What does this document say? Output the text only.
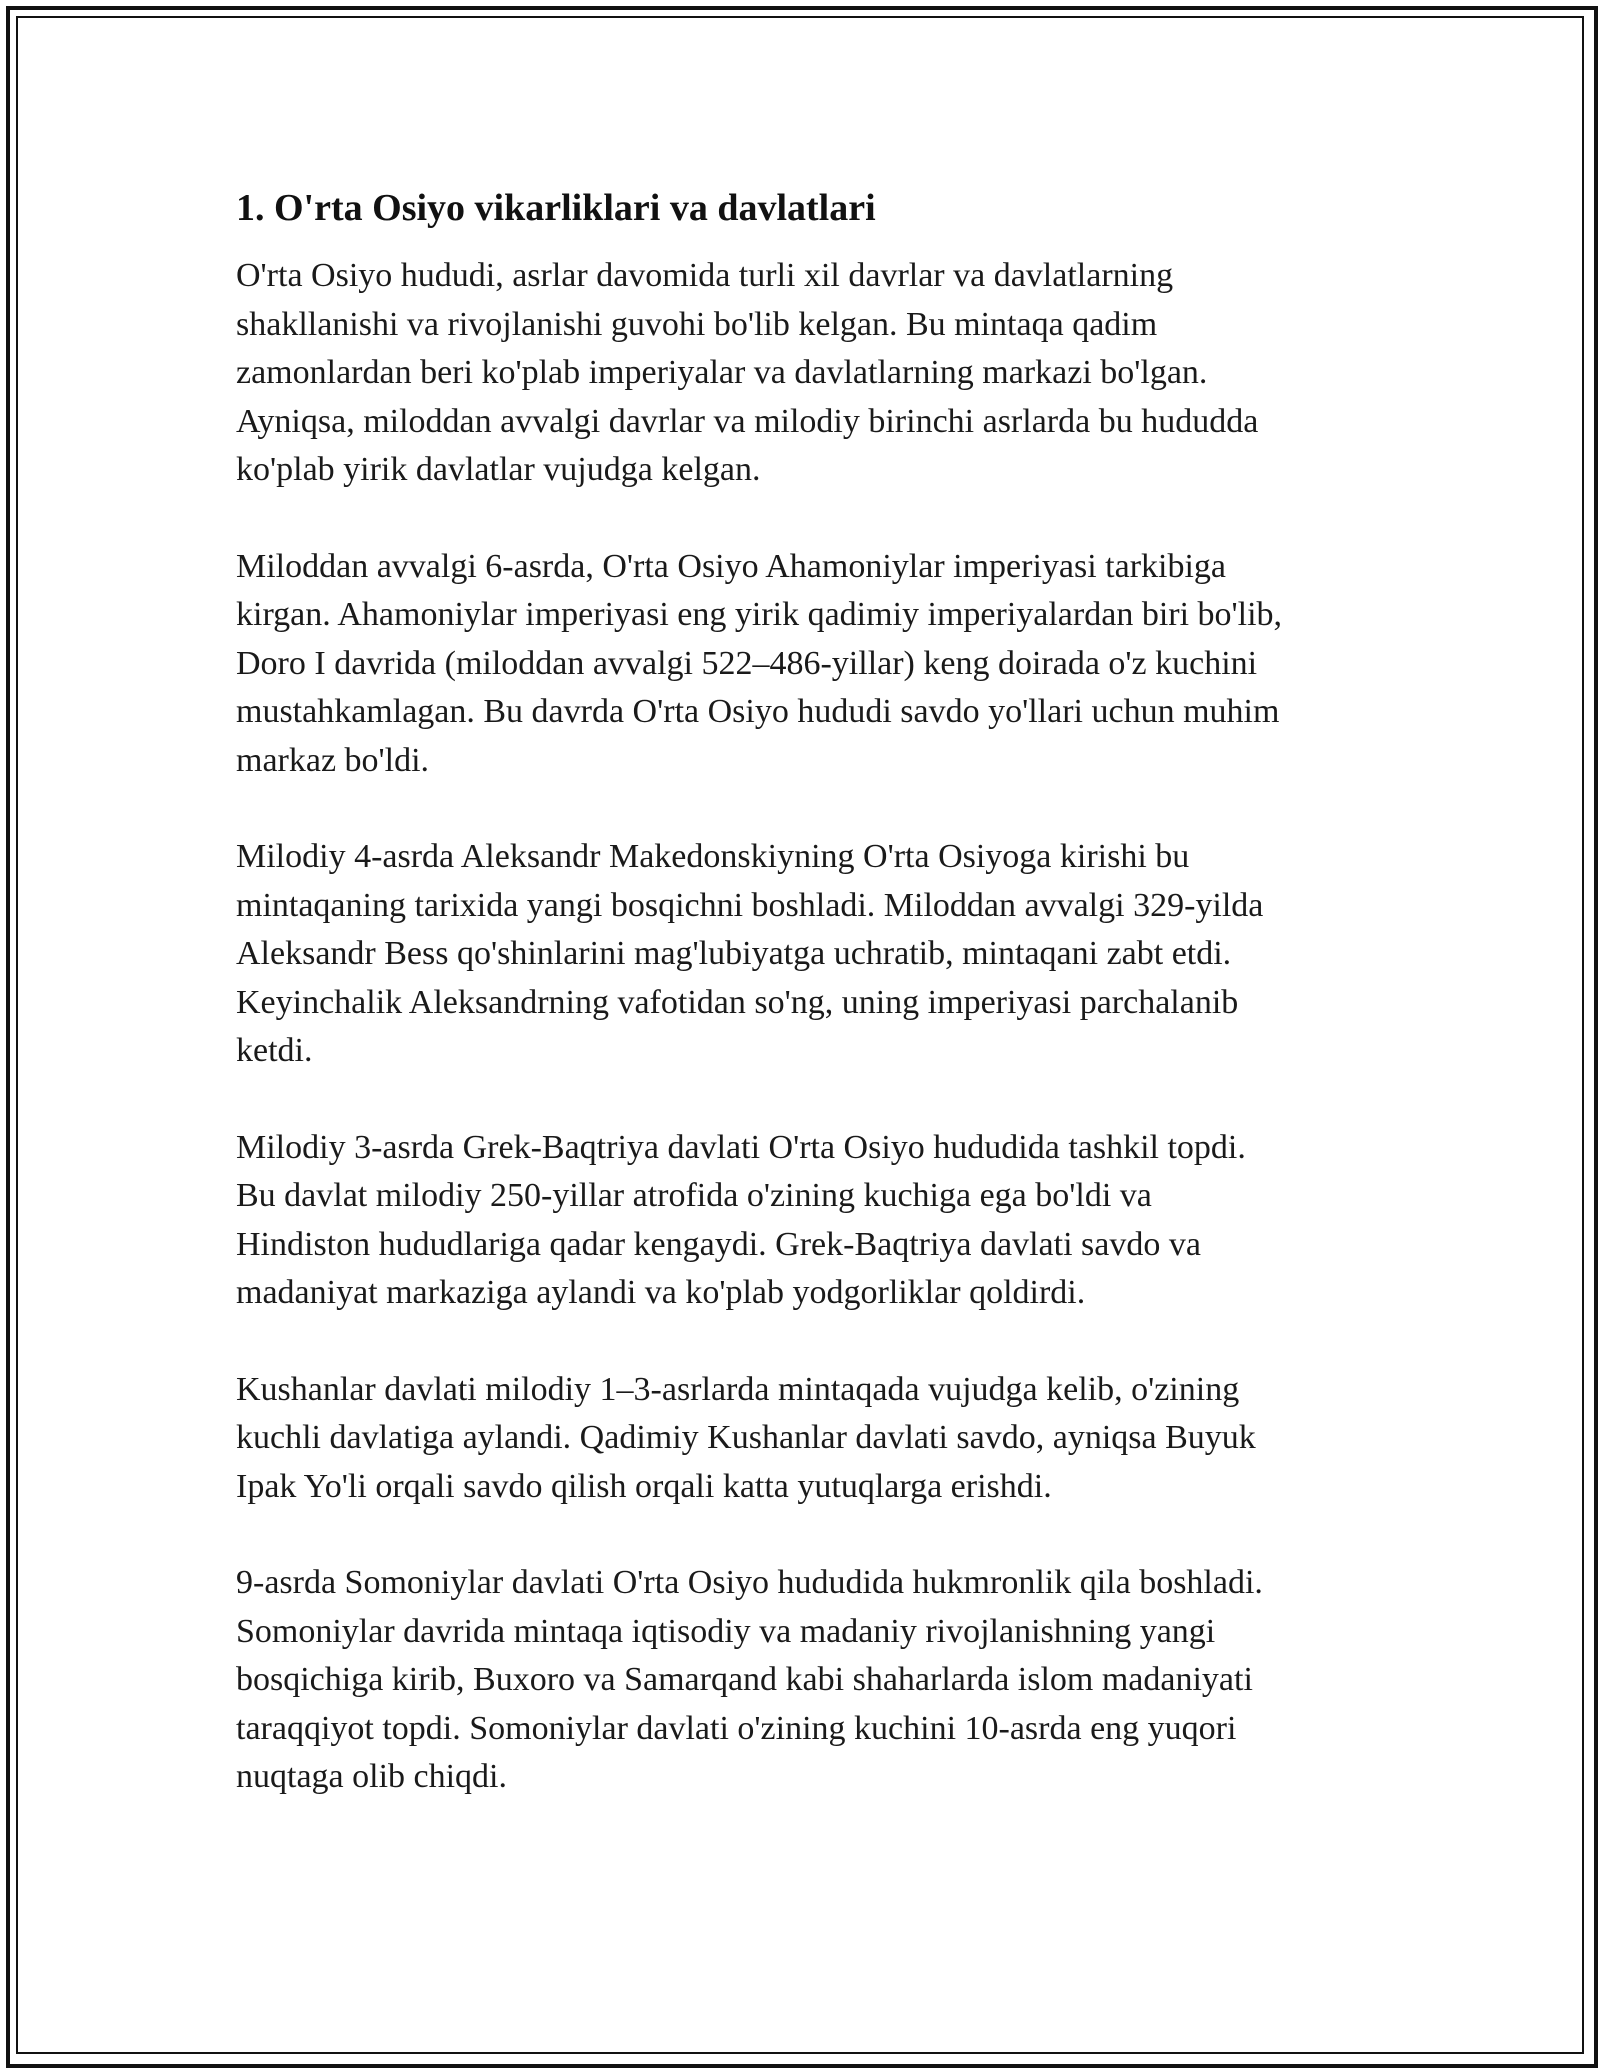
1. O'rta Osiyo vikarliklari va davlatlari
O'rta Osiyo hududi, asrlar davomida turli xil davrlar va davlatlarning
shakllanishi va rivojlanishi guvohi bo'lib kelgan. Bu mintaqa qadim
zamonlardan beri ko'plab imperiyalar va davlatlarning markazi bo'lgan.
Ayniqsa, miloddan avvalgi davrlar va milodiy birinchi asrlarda bu hududda
ko'plab yirik davlatlar vujudga kelgan.
Miloddan avvalgi 6-asrda, O'rta Osiyo Ahamoniylar imperiyasi tarkibiga
kirgan. Ahamoniylar imperiyasi eng yirik qadimiy imperiyalardan biri bo'lib,
Doro I davrida (miloddan avvalgi 522–486-yillar) keng doirada o'z kuchini
mustahkamlagan. Bu davrda O'rta Osiyo hududi savdo yo'llari uchun muhim
markaz bo'ldi.
Milodiy 4-asrda Aleksandr Makedonskiyning O'rta Osiyoga kirishi bu
mintaqaning tarixida yangi bosqichni boshladi. Miloddan avvalgi 329-yilda
Aleksandr Bess qo'shinlarini mag'lubiyatga uchratib, mintaqani zabt etdi.
Keyinchalik Aleksandrning vafotidan so'ng, uning imperiyasi parchalanib
ketdi.
Milodiy 3-asrda Grek-Baqtriya davlati O'rta Osiyo hududida tashkil topdi.
Bu davlat milodiy 250-yillar atrofida o'zining kuchiga ega bo'ldi va
Hindiston hududlariga qadar kengaydi. Grek-Baqtriya davlati savdo va
madaniyat markaziga aylandi va ko'plab yodgorliklar qoldirdi.
Kushanlar davlati milodiy 1–3-asrlarda mintaqada vujudga kelib, o'zining
kuchli davlatiga aylandi. Qadimiy Kushanlar davlati savdo, ayniqsa Buyuk
Ipak Yo'li orqali savdo qilish orqali katta yutuqlarga erishdi.
9-asrda Somoniylar davlati O'rta Osiyo hududida hukmronlik qila boshladi.
Somoniylar davrida mintaqa iqtisodiy va madaniy rivojlanishning yangi
bosqichiga kirib, Buxoro va Samarqand kabi shaharlarda islom madaniyati
taraqqiyot topdi. Somoniylar davlati o'zining kuchini 10-asrda eng yuqori
nuqtaga olib chiqdi.
